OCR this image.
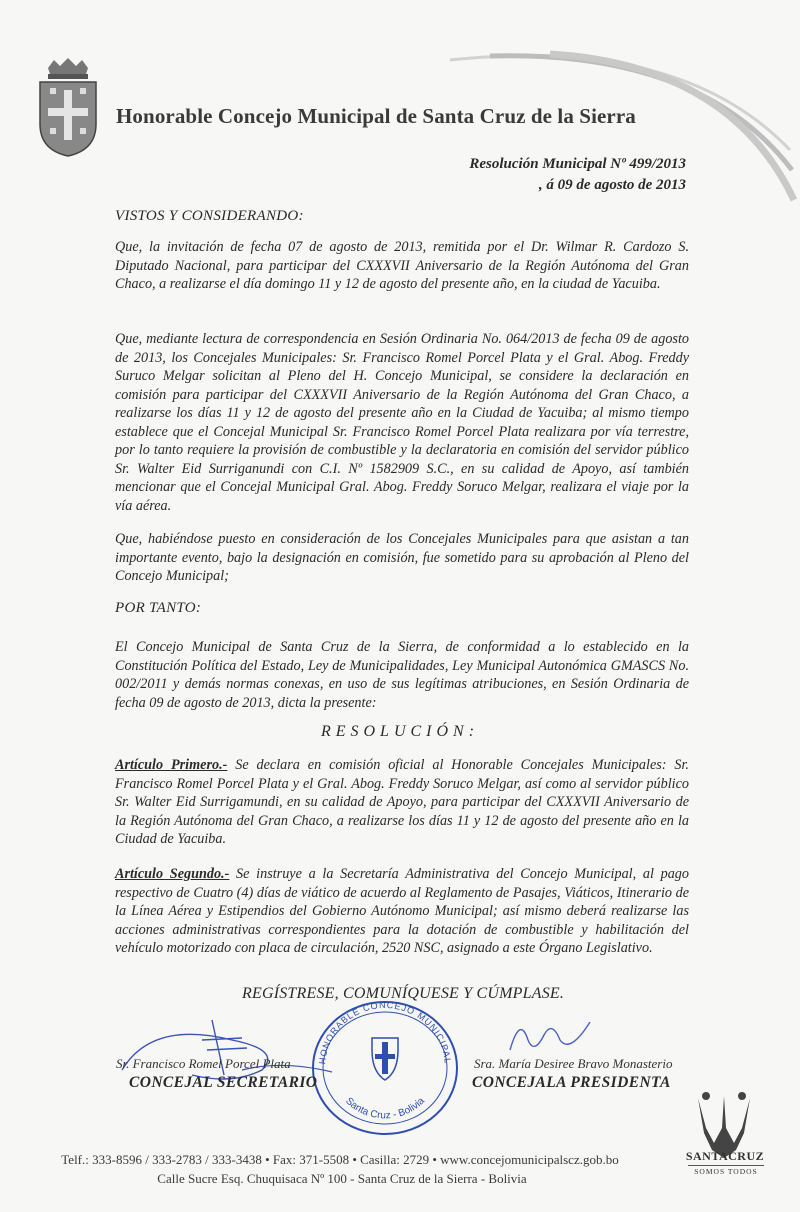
Honorable Concejo Municipal de Santa Cruz de la Sierra
Resolución Municipal Nº 499/2013
, á 09 de agosto de 2013
VISTOS Y CONSIDERANDO:
Que, la invitación de fecha 07 de agosto de 2013, remitida por el Dr. Wilmar R. Cardozo S. Diputado Nacional, para participar del CXXXVII Aniversario de la Región Autónoma del Gran Chaco, a realizarse el día domingo 11 y 12 de agosto del presente año, en la ciudad de Yacuiba.
Que, mediante lectura de correspondencia en Sesión Ordinaria No. 064/2013 de fecha 09 de agosto de 2013, los Concejales Municipales: Sr. Francisco Romel Porcel Plata y el Gral. Abog. Freddy Suruco Melgar solicitan al Pleno del H. Concejo Municipal, se considere la declaración en comisión para participar del CXXXVII Aniversario de la Región Autónoma del Gran Chaco, a realizarse los días 11 y 12 de agosto del presente año en la Ciudad de Yacuiba; al mismo tiempo establece que el Concejal Municipal Sr. Francisco Romel Porcel Plata realizara por vía terrestre, por lo tanto requiere la provisión de combustible y la declaratoria en comisión del servidor público Sr. Walter Eid Surriganundi con C.I. Nº 1582909 S.C., en su calidad de Apoyo, así también mencionar que el Concejal Municipal Gral. Abog. Freddy Soruco Melgar, realizara el viaje por la vía aérea.
Que, habiéndose puesto en consideración de los Concejales Municipales para que asistan a tan importante evento, bajo la designación en comisión, fue sometido para su aprobación al Pleno del Concejo Municipal;
POR TANTO:
El Concejo Municipal de Santa Cruz de la Sierra, de conformidad a lo establecido en la Constitución Política del Estado, Ley de Municipalidades, Ley Municipal Autonómica GMASCS No. 002/2011 y demás normas conexas, en uso de sus legítimas atribuciones, en Sesión Ordinaria de fecha 09 de agosto de 2013, dicta la presente:
RESOLUCIÓN:
Artículo Primero.- Se declara en comisión oficial al Honorable Concejales Municipales: Sr. Francisco Romel Porcel Plata y el Gral. Abog. Freddy Soruco Melgar, así como al servidor público Sr. Walter Eid Surrigamundi, en su calidad de Apoyo, para participar del CXXXVII Aniversario de la Región Autónoma del Gran Chaco, a realizarse los días 11 y 12 de agosto del presente año en la Ciudad de Yacuiba.
Artículo Segundo.- Se instruye a la Secretaría Administrativa del Concejo Municipal, al pago respectivo de Cuatro (4) días de viático de acuerdo al Reglamento de Pasajes, Viáticos, Itinerario de la Línea Aérea y Estipendios del Gobierno Autónomo Municipal; así mismo deberá realizarse las acciones administrativas correspondientes para la dotación de combustible y habilitación del vehículo motorizado con placa de circulación, 2520 NSC, asignado a este Órgano Legislativo.
REGÍSTRESE, COMUNÍQUESE Y CÚMPLASE.
HONORABLE CONCEJO MUNICIPAL
Santa Cruz - Bolivia
Sr. Francisco Romel Porcel Plata
CONCEJAL SECRETARIO
Sra. María Desiree Bravo Monasterio
CONCEJALA PRESIDENTA
Telf.: 333-8596 / 333-2783 / 333-3438 • Fax: 371-5508 • Casilla: 2729 • www.concejomunicipalscz.gob.bo
Calle Sucre Esq. Chuquisaca Nº 100 - Santa Cruz de la Sierra - Bolivia
SANTACRUZ
SOMOS TODOS
